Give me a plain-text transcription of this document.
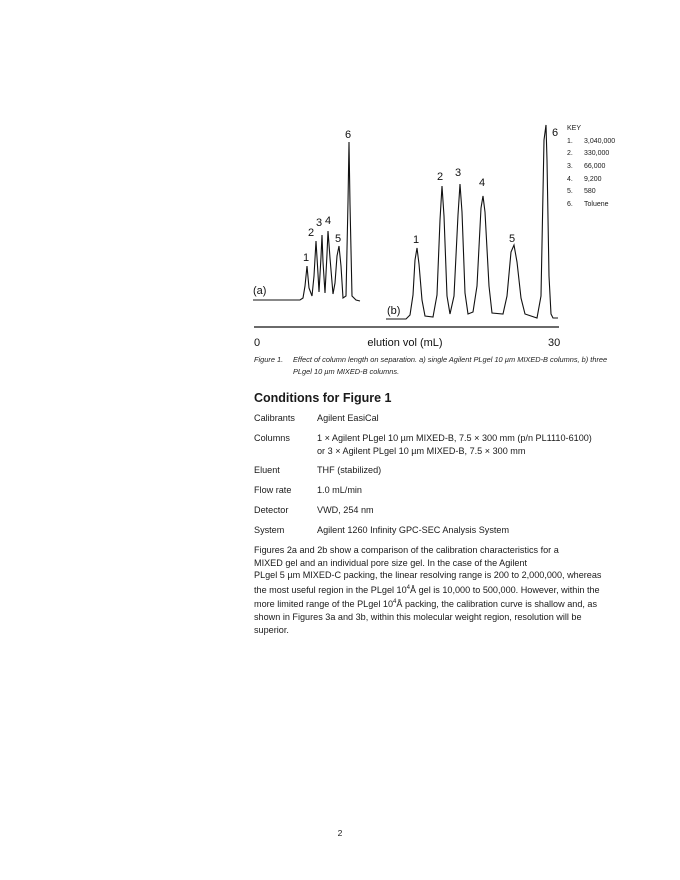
0	30
elution vol (mL)
(a)
(b)
1
2
3 4
5
6
1
2 3
4
5
6 KEY
1. 3,040,000
2. 330,000
3. 66,000
4. 9,200
5. 580
6. Toluene
Figure 1. Effect of column length on separation. a) single Agilent PLgel 10 µm MIXED-B columns, b) three PLgel 10 µm MIXED-B columns.
Conditions for Figure 1
Calibrants Agilent EasiCal
Columns	1 × Agilent PLgel 10 µm MIXED-B, 7.5 × 300 mm (p/n PL1110-6100)
or 3 × Agilent PLgel 10 µm MIXED-B, 7.5 × 300 mm
Eluent	THF (stabilized)
Flow rate	1.0 mL/min
Detector	VWD, 254 nm
System	Agilent 1260 Infinity GPC-SEC Analysis System

Figures 2a and 2b show a comparison of the calibration characteristics for a

MIXED gel and an individual pore size gel. In the case of the Agilent

PLgel 5 µm MIXED-C packing, the linear resolving range is 200 to 2,000,000, whereas

the most useful region in the PLgel $10^4Å$ gel is 10,000 to 500,000. However, within the

more limited range of the PLgel $10^4Å$ packing, the calibration curve is shallow and, as

shown in Figures 3a and 3b, within this molecular weight region, resolution will be

superior.

2
